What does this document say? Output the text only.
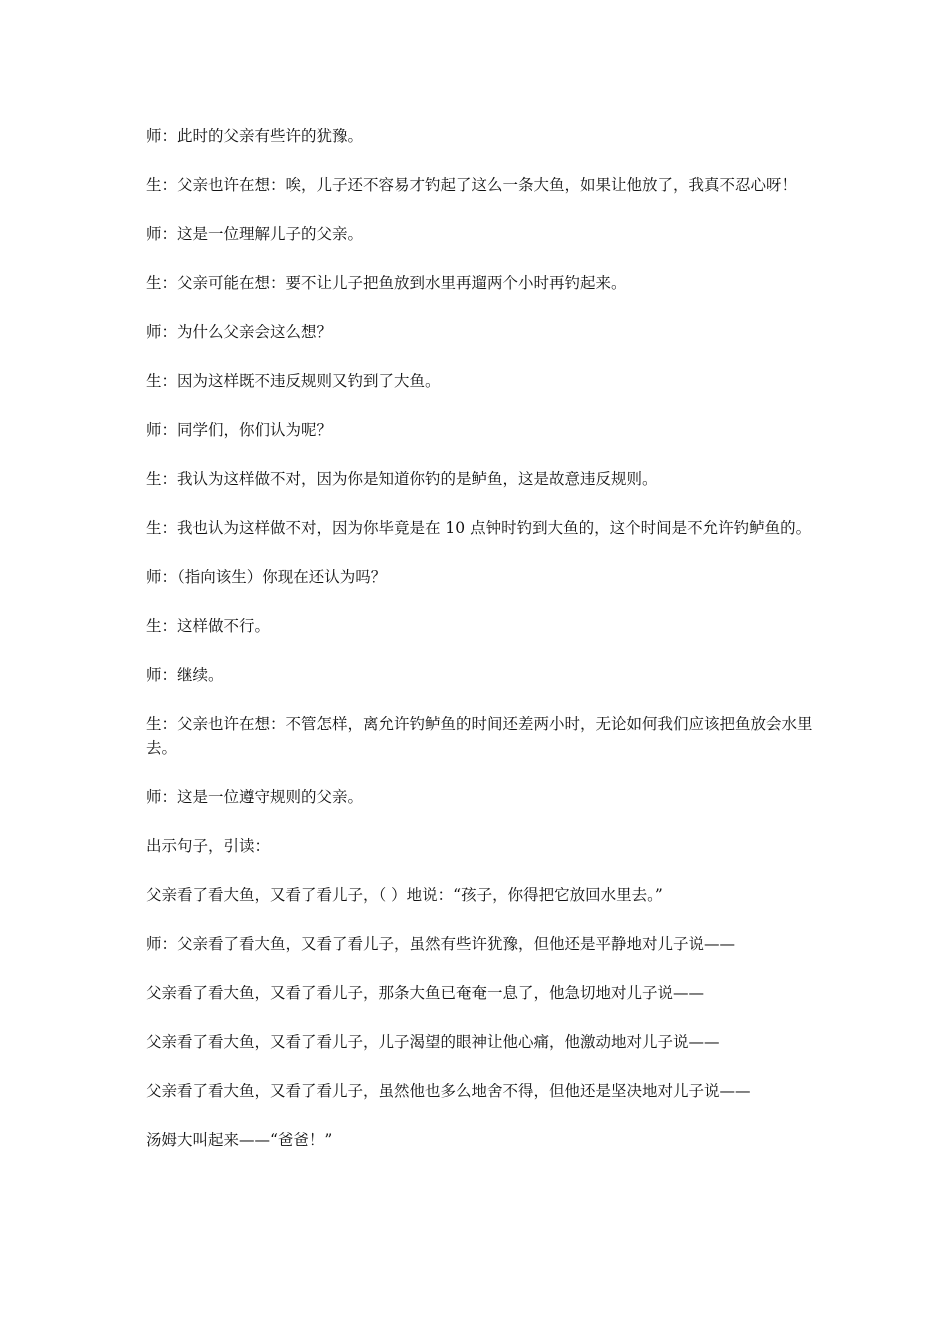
师：此时的父亲有些许的犹豫。

生：父亲也许在想：唉，儿子还不容易才钓起了这么一条大鱼，如果让他放了，我真不忍心呀！

师：这是一位理解儿子的父亲。

生：父亲可能在想：要不让儿子把鱼放到水里再遛两个小时再钓起来。

师：为什么父亲会这么想？

生：因为这样既不违反规则又钓到了大鱼。

师：同学们，你们认为呢？

生：我认为这样做不对，因为你是知道你钓的是鲈鱼，这是故意违反规则。

生：我也认为这样做不对，因为你毕竟是在 10 点钟时钓到大鱼的，这个时间是不允许钓鲈鱼的。

师：（指向该生）你现在还认为吗？

生：这样做不行。

师：继续。

生：父亲也许在想：不管怎样，离允许钓鲈鱼的时间还差两小时，无论如何我们应该把鱼放会水里去。

师：这是一位遵守规则的父亲。

出示句子，引读：

父亲看了看大鱼，又看了看儿子，（ ）地说：“孩子，你得把它放回水里去。”

师：父亲看了看大鱼，又看了看儿子，虽然有些许犹豫，但他还是平静地对儿子说——

父亲看了看大鱼，又看了看儿子，那条大鱼已奄奄一息了，他急切地对儿子说——

父亲看了看大鱼，又看了看儿子，儿子渴望的眼神让他心痛，他激动地对儿子说——

父亲看了看大鱼，又看了看儿子，虽然他也多么地舍不得，但他还是坚决地对儿子说——

汤姆大叫起来——“爸爸！”
